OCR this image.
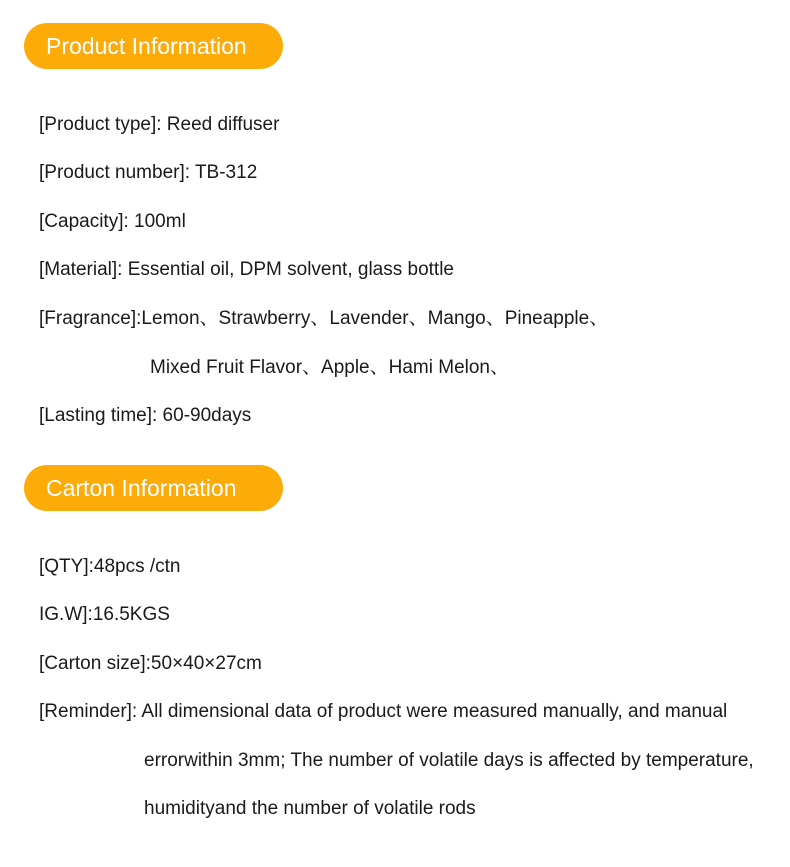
Product Information
[Product type]: Reed diffuser
[Product number]: TB-312
[Capacity]: 100ml
[Material]: Essential oil, DPM solvent, glass bottle
[Fragrance]:Lemon、Strawberry、Lavender、Mango、Pineapple、
Mixed Fruit Flavor、Apple、Hami Melon、
[Lasting time]: 60-90days
Carton Information
[QTY]:48pcs /ctn
IG.W]:16.5KGS
[Carton size]:50×40×27cm
[Reminder]: All dimensional data of product were measured manually, and manual
errorwithin 3mm; The number of volatile days is affected by temperature,
humidityand the number of volatile rods
